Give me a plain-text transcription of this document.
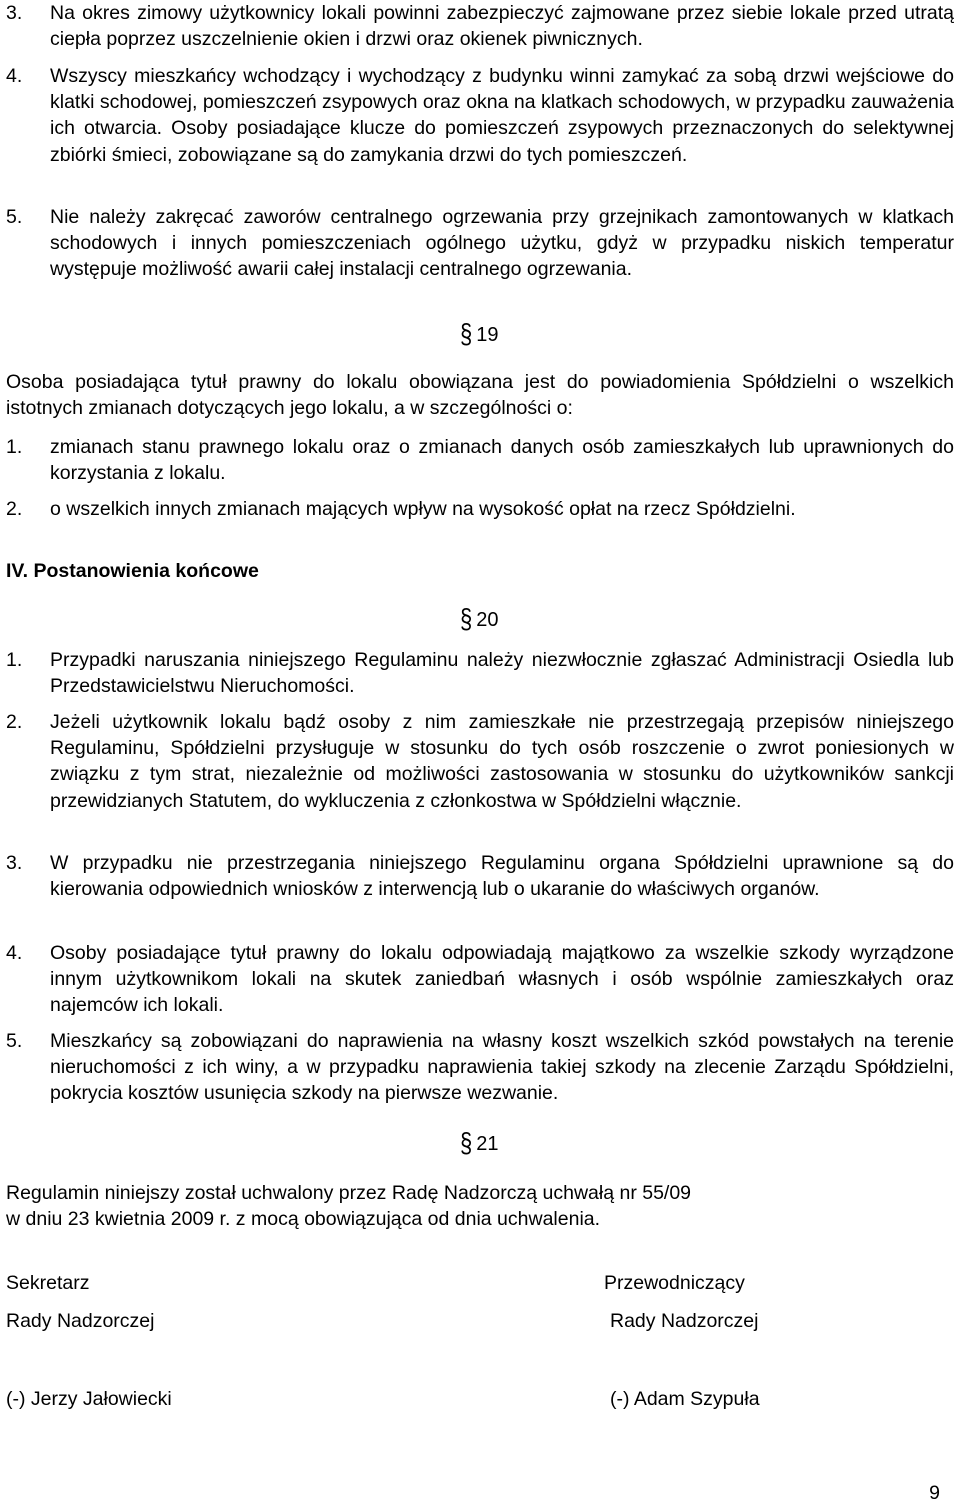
3. Na okres zimowy użytkownicy lokali powinni zabezpieczyć zajmowane przez siebie lokale przed utratą ciepła poprzez uszczelnienie okien i drzwi oraz okienek piwnicznych.
4. Wszyscy mieszkańcy wchodzący i wychodzący z budynku winni zamykać za sobą drzwi wejściowe do klatki schodowej, pomieszczeń zsypowych oraz okna na klatkach schodowych, w przypadku zauważenia ich otwarcia. Osoby posiadające klucze do pomieszczeń zsypowych przeznaczonych do selektywnej zbiórki śmieci, zobowiązane są do zamykania drzwi do tych pomieszczeń.
5. Nie należy zakręcać zaworów centralnego ogrzewania przy grzejnikach zamontowanych w klatkach schodowych i innych pomieszczeniach ogólnego użytku, gdyż w przypadku niskich temperatur występuje możliwość awarii całej instalacji centralnego ogrzewania.
§ 19
Osoba posiadająca tytuł prawny do lokalu obowiązana jest do powiadomienia Spółdzielni o wszelkich istotnych zmianach dotyczących jego lokalu, a w szczególności o:
1. zmianach stanu prawnego lokalu oraz o zmianach danych osób zamieszkałych lub uprawnionych do korzystania z lokalu.
2. o wszelkich innych zmianach mających wpływ na wysokość opłat na rzecz Spółdzielni.
IV. Postanowienia końcowe
§ 20
1. Przypadki naruszania niniejszego Regulaminu należy niezwłocznie zgłaszać Administracji Osiedla lub Przedstawicielstwu Nieruchomości.
2. Jeżeli użytkownik lokalu bądź osoby z nim zamieszkałe nie przestrzegają przepisów niniejszego Regulaminu, Spółdzielni przysługuje w stosunku do tych osób roszczenie o zwrot poniesionych w związku z tym strat, niezależnie od możliwości zastosowania w stosunku do użytkowników sankcji przewidzianych Statutem, do wykluczenia z członkostwa w Spółdzielni włącznie.
3. W przypadku nie przestrzegania niniejszego Regulaminu organa Spółdzielni uprawnione są do kierowania odpowiednich wniosków z interwencją lub o ukaranie do właściwych organów.
4. Osoby posiadające tytuł prawny do lokalu odpowiadają majątkowo za wszelkie szkody wyrządzone innym użytkownikom lokali na skutek zaniedbań własnych i osób wspólnie zamieszkałych oraz najemców ich lokali.
5. Mieszkańcy są zobowiązani do naprawienia na własny koszt wszelkich szkód powstałych na terenie nieruchomości z ich winy, a w przypadku naprawienia takiej szkody na zlecenie Zarządu Spółdzielni, pokrycia kosztów usunięcia szkody na pierwsze wezwanie.
§ 21
Regulamin niniejszy został uchwalony przez Radę Nadzorczą uchwałą nr 55/09
w dniu 23 kwietnia 2009 r. z mocą obowiązująca od dnia uchwalenia.
Sekretarz
Rady Nadzorczej
(-) Jerzy Jałowiecki
Przewodniczący
Rady Nadzorczej
(-) Adam Szypuła
9
